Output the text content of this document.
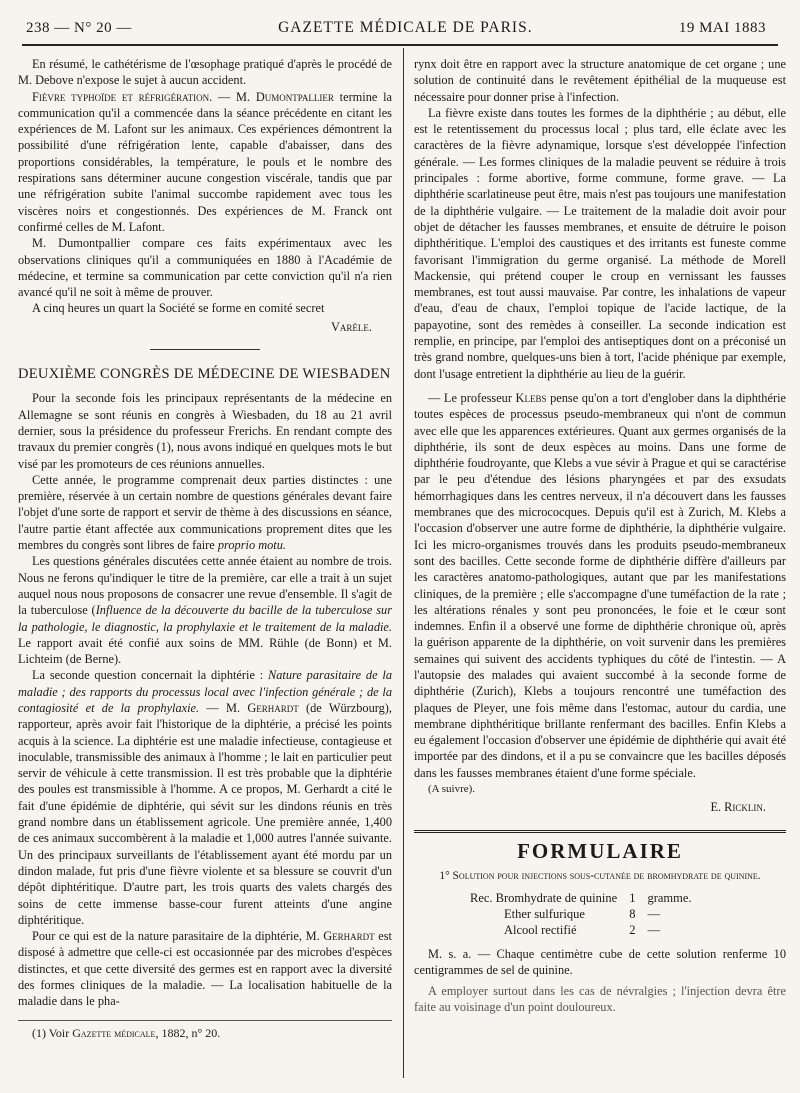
238 — N° 20 —	GAZETTE MÉDICALE DE PARIS.	19 MAI 1883

En résumé, le cathétérisme de l'œsophage pratiqué d'après le procédé de M. Debove n'expose le sujet à aucun accident.

Fièvre typhoïde et réfrigération. — M. Dumontpallier termine la communication qu'il a commencée dans la séance précédente en citant les expériences de M. Lafont sur les animaux. Ces expériences démontrent la possibilité d'une réfrigération lente, capable d'abaisser, dans des proportions considérables, la température, le pouls et le nombre des respirations sans déterminer aucune congestion viscérale, tandis que par une réfrigération subite l'animal succombe rapidement avec tous les viscères noirs et congestionnés. Des expériences de M. Franck ont confirmé celles de M. Lafont.

M. Dumontpallier compare ces faits expérimentaux avec les observations cliniques qu'il a communiquées en 1880 à l'Académie de médecine, et termine sa communication par cette conviction qu'il n'a rien avancé qu'il ne soit à même de prouver.

A cinq heures un quart la Société se forme en comité secret

Varèle.
DEUXIÈME CONGRÈS DE MÉDECINE DE WIESBADEN

Pour la seconde fois les principaux représentants de la médecine en Allemagne se sont réunis en congrès à Wiesbaden, du 18 au 21 avril dernier, sous la présidence du professeur Frerichs. En rendant compte des travaux du premier congrès (1), nous avons indiqué en quelques mots le but visé par les promoteurs de ces réunions annuelles.

Cette année, le programme comprenait deux parties distinctes : une première, réservée à un certain nombre de questions générales devant faire l'objet d'une sorte de rapport et servir de thème à des discussions en séance, l'autre partie étant affectée aux communications proprement dites que les membres du congrès sont libres de faire proprio motu.

Les questions générales discutées cette année étaient au nombre de trois. Nous ne ferons qu'indiquer le titre de la première, car elle a trait à un sujet auquel nous nous proposons de consacrer une revue d'ensemble. Il s'agit de la tuberculose (Influence de la découverte du bacille de la tuberculose sur la pathologie, le diagnostic, la prophylaxie et le traitement de la maladie. Le rapport avait été confié aux soins de MM. Rühle (de Bonn) et M. Lichteim (de Berne).

La seconde question concernait la diphtérie : Nature parasitaire de la maladie ; des rapports du processus local avec l'infection générale ; de la contagiosité et de la prophylaxie. — M. Gerhardt (de Würzbourg), rapporteur, après avoir fait l'historique de la diphtérie, a précisé les points acquis à la science. La diphtérie est une maladie infectieuse, contagieuse et inoculable, transmissible des animaux à l'homme ; le lait en particulier peut servir de véhicule à cette transmission. Il est très probable que la diphtérie des poules est transmissible à l'homme. A ce propos, M. Gerhardt a cité le fait d'une épidémie de diphtérie, qui sévit sur les dindons réunis en très grand nombre dans un établissement agricole. Une première année, 1,400 de ces animaux succombèrent à la maladie et 1,000 autres l'année suivante. Un des principaux surveillants de l'établissement ayant été mordu par un dindon malade, fut pris d'une fièvre violente et sa blessure se couvrit d'un dépôt diphtéritique. D'autre part, les trois quarts des valets chargés des soins de cette immense basse-cour furent atteints d'une angine diphtéritique.

Pour ce qui est de la nature parasitaire de la diphtérie, M. Gerhardt est disposé à admettre que celle-ci est occasionnée par des microbes d'espèces distinctes, et que cette diversité des germes est en rapport avec la diversité des formes cliniques de la maladie. — La localisation habituelle de la maladie dans le pha-

(1) Voir Gazette médicale, 1882, n° 20.

rynx doit être en rapport avec la structure anatomique de cet organe ; une solution de continuité dans le revêtement épithélial de la muqueuse est nécessaire pour donner prise à l'infection.

La fièvre existe dans toutes les formes de la diphthérie ; au début, elle est le retentissement du processus local ; plus tard, elle éclate avec les caractères de la fièvre adynamique, lorsque s'est développée l'infection générale. — Les formes cliniques de la maladie peuvent se réduire à trois principales : forme abortive, forme commune, forme grave. — La diphthérie scarlatineuse peut être, mais n'est pas toujours une manifestation de la diphthérie vulgaire. — Le traitement de la maladie doit avoir pour objet de détacher les fausses membranes, et ensuite de détruire le poison diphthéritique. L'emploi des caustiques et des irritants est funeste comme favorisant l'immigration du germe organisé. La méthode de Morell Mackensie, qui prétend couper le croup en vernissant les fausses membranes, est tout aussi mauvaise. Par contre, les inhalations de vapeur d'eau, d'eau de chaux, l'emploi topique de l'acide lactique, de la papayotine, sont des remèdes à conseiller. La seconde indication est remplie, en principe, par l'emploi des antiseptiques dont on a préconisé un très grand nombre, quelques-uns bien à tort, l'acide phénique par exemple, dont l'usage entretient la diphthérie au lieu de la guérir.

— Le professeur Klebs pense qu'on a tort d'englober dans la diphthérie toutes espèces de processus pseudo-membraneux qui n'ont de commun avec elle que les apparences extérieures. Quant aux germes organisés de la diphthérie, ils sont de deux espèces au moins. Dans une forme de diphthérie foudroyante, que Klebs a vue sévir à Prague et qui se caractérise par le peu d'étendue des lésions pharyngées et par des exsudats hémorrhagiques dans les centres nerveux, il n'a découvert dans les fausses membranes que des micrococques. Depuis qu'il est à Zurich, M. Klebs a l'occasion d'observer une autre forme de diphthérie, la diphthérie vulgaire. Ici les micro-organismes trouvés dans les produits pseudo-membraneux sont des bacilles. Cette seconde forme de diphthérie diffère d'ailleurs par les caractères anatomo-pathologiques, autant que par les manifestations cliniques, de la première ; elle s'accompagne d'une tuméfaction de la rate ; les altérations rénales y sont peu prononcées, le foie et le cœur sont indemnes. Enfin il a observé une forme de diphthérie chronique où, après la guérison apparente de la diphthérie, on voit survenir dans les premières semaines qui suivent des accidents typhiques du côté de l'intestin. — A l'autopsie des malades qui avaient succombé à la seconde forme de diphthérie (Zurich), Klebs a toujours rencontré une tuméfaction des plaques de Pleyer, une fois même dans l'estomac, autour du cardia, une membrane diphthéritique brillante renfermant des bacilles. Enfin Klebs a eu également l'occasion d'observer une épidémie de diphthérie qui avait été importée par des dindons, et il a pu se convaincre que les bacilles déposés dans les fausses membranes étaient d'une forme spéciale.

(A suivre).

E. Ricklin.
FORMULAIRE
1° Solution pour injections sous-cutanée de bromhydrate de quinine.
Rec. Bromhydrate de quinine	1	gramme.
Ether sulfurique	8	—
Alcool rectifié	2	—

M. s. a. — Chaque centimètre cube de cette solution renferme 10 centigrammes de sel de quinine.

A employer surtout dans les cas de névralgies ; l'injection devra être faite au voisinage d'un point douloureux.
